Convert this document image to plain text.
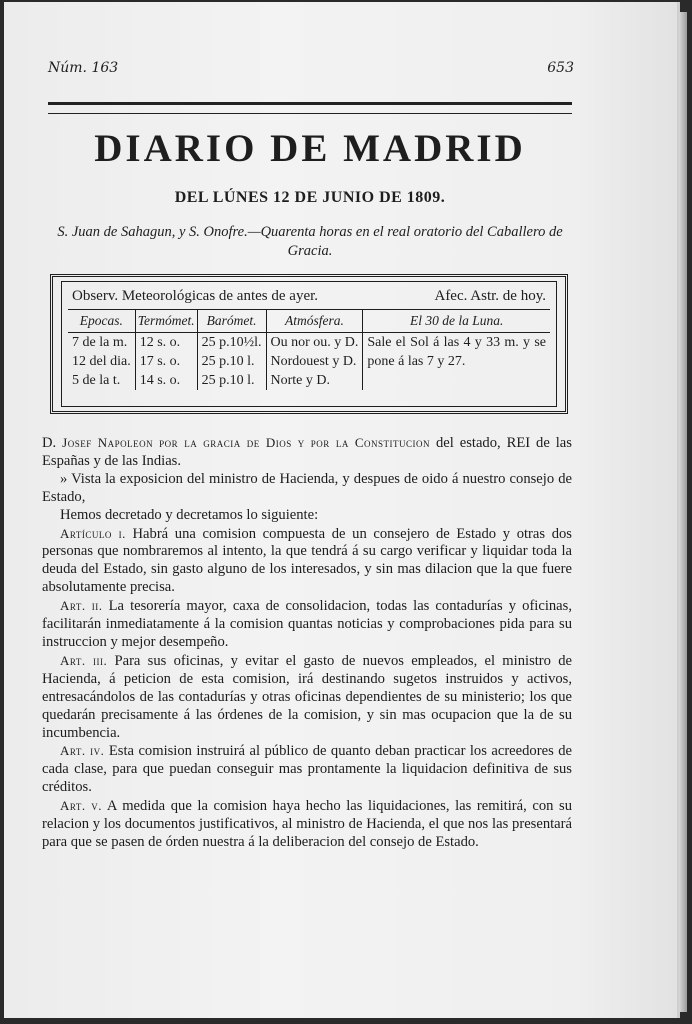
Núm. 163	653
DIARIO DE MADRID
DEL LÚNES 12 DE JUNIO DE 1809.
S. Juan de Sahagun, y S. Onofre.—Quarenta horas en el real oratorio del Caballero de Gracia.
Observ. Meteorológicas de antes de ayer.	Afec. Astr. de hoy.
Epocas.	Termómet.	Barómet.	Atmósfera.	El 30 de la Luna.
7 de la m.	12 s. o.	25 p.10½l.	Ou nor ou. y D.	Sale el Sol á las 4 y 33 m. y se pone á las 7 y 27.
12 del dia.	17 s. o.	25 p.10 l.	Nordouest y D.	
5 de la t.	14 s. o.	25 p.10 l.	Norte y D.	

D. Josef Napoleon por la gracia de Dios y por la Constitucion del estado, REI de las Españas y de las Indias.

» Vista la exposicion del ministro de Hacienda, y despues de oido á nuestro consejo de Estado,

Hemos decretado y decretamos lo siguiente:

Artículo i. Habrá una comision compuesta de un consejero de Estado y otras dos personas que nombraremos al intento, la que tendrá á su cargo verificar y liquidar toda la deuda del Estado, sin gasto alguno de los interesados, y sin mas dilacion que la que fuere absolutamente precisa.

Art. ii. La tesorería mayor, caxa de consolidacion, todas las contadurías y oficinas, facilitarán inmediatamente á la comision quantas noticias y comprobaciones pida para su instruccion y mejor desempeño.

Art. iii. Para sus oficinas, y evitar el gasto de nuevos empleados, el ministro de Hacienda, á peticion de esta comision, irá destinando sugetos instruidos y activos, entresacándolos de las contadurías y otras oficinas dependientes de su ministerio; los que quedarán precisamente á las órdenes de la comision, y sin mas ocupacion que la de su incumbencia.

Art. iv. Esta comision instruirá al público de quanto deban practicar los acreedores de cada clase, para que puedan conseguir mas prontamente la liquidacion definitiva de sus créditos.

Art. v. A medida que la comision haya hecho las liquidaciones, las remitirá, con su relacion y los documentos justificativos, al ministro de Hacienda, el que nos las presentará para que se pasen de órden nuestra á la deliberacion del consejo de Estado.
